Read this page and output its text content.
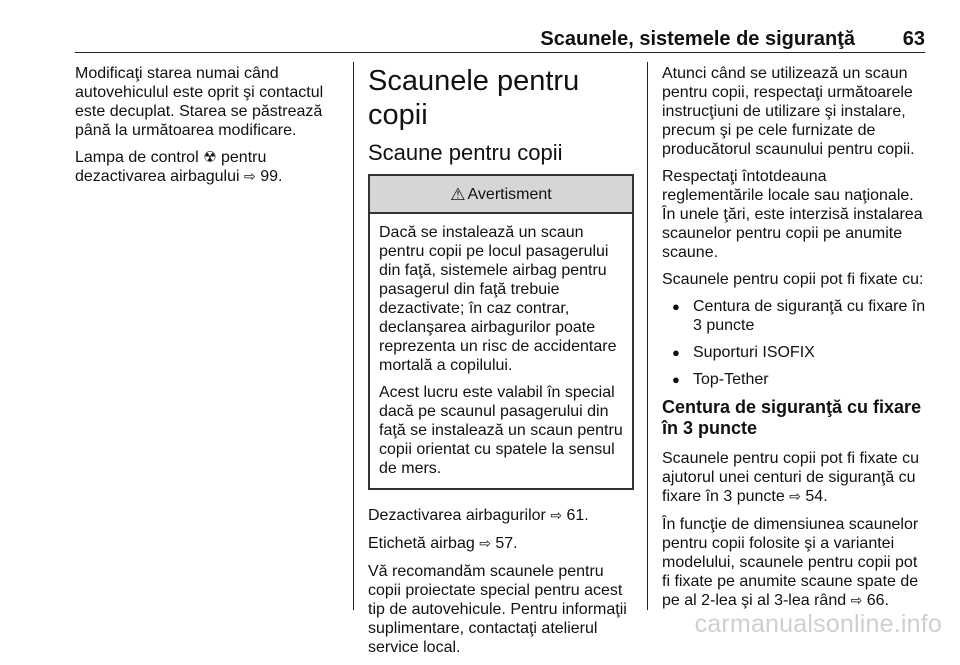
Scaunele, sistemele de siguranţă 63

Modificaţi starea numai când autovehiculul este oprit şi contactul este decuplat. Starea se păstrează până la următoarea modificare.

Lampa de control ☢ pentru dezactivarea airbagului ⇨ 99.

Scaunele pentru copii
Scaune pentru copii
⚠ Avertisment

Dacă se instalează un scaun pentru copii pe locul pasagerului din faţă, sistemele airbag pentru pasagerul din faţă trebuie dezactivate; în caz contrar, declanşarea airbagurilor poate reprezenta un risc de accidentare mortală a copilului.

Acest lucru este valabil în special dacă pe scaunul pasagerului din faţă se instalează un scaun pentru copii orientat cu spatele la sensul de mers.

Dezactivarea airbagurilor ⇨ 61.

Etichetă airbag ⇨ 57.

Vă recomandăm scaunele pentru copii proiectate special pentru acest tip de autovehicule. Pentru informaţii suplimentare, contactaţi atelierul service local.

Atunci când se utilizează un scaun pentru copii, respectaţi următoarele instrucţiuni de utilizare şi instalare, precum şi pe cele furnizate de producătorul scaunului pentru copii.

Respectaţi întotdeauna reglementările locale sau naţionale. În unele ţări, este interzisă instalarea scaunelor pentru copii pe anumite scaune.

Scaunele pentru copii pot fi fixate cu:

● Centura de siguranţă cu fixare în 3 puncte
● Suporturi ISOFIX
● Top-Tether
Centura de siguranţă cu fixare în 3 puncte

Scaunele pentru copii pot fi fixate cu ajutorul unei centuri de siguranţă cu fixare în 3 puncte ⇨ 54.

În funcţie de dimensiunea scaunelor pentru copii folosite şi a variantei modelului, scaunele pentru copii pot fi fixate pe anumite scaune spate de pe al 2-lea şi al 3-lea rând ⇨ 66.

carmanualsonline.info
